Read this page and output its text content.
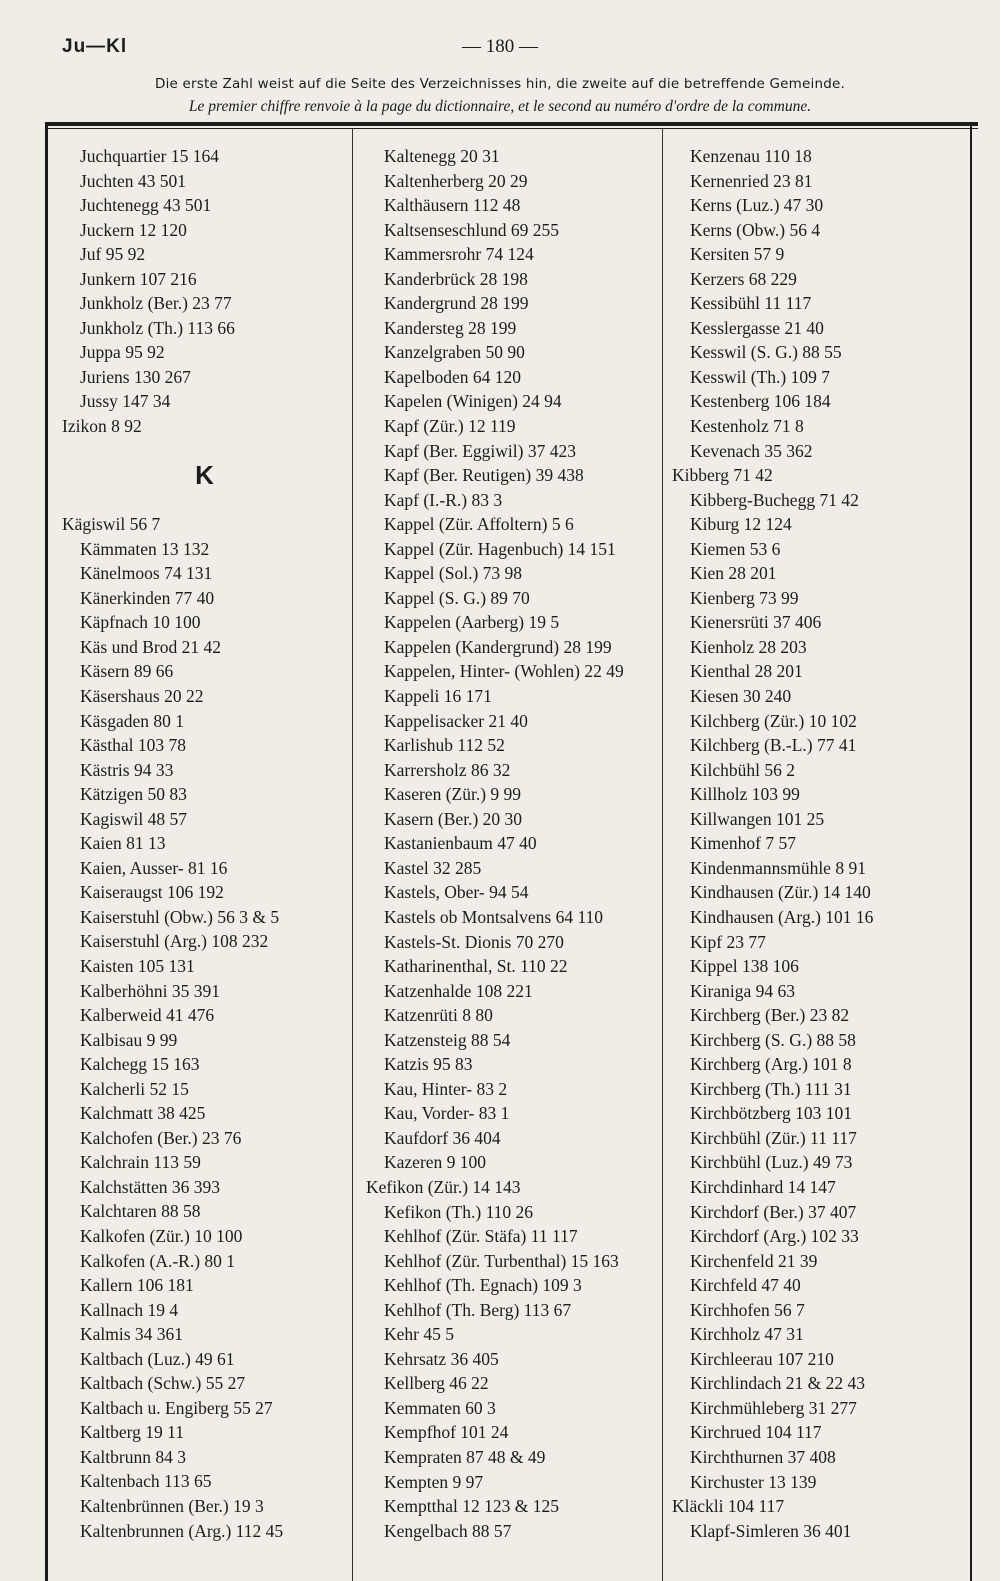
Ju—Kl	— 180 —
Die erste Zahl weist auf die Seite des Verzeichnisses hin, die zweite auf die betreffende Gemeinde.
Le premier chiffre renvoie à la page du dictionnaire, et le second au numéro d'ordre de la commune.
Juchquartier 15 164
Juchten 43 501
Juchtenegg 43 501
Juckern 12 120
Juf 95 92
Junkern 107 216
Junkholz (Ber.) 23 77
Junkholz (Th.) 113 66
Juppa 95 92
Juriens 130 267
Jussy 147 34
Izikon 8 92
K
Kägiswil 56 7
Kämmaten 13 132
Känelmoos 74 131
Känerkinden 77 40
Käpfnach 10 100
Käs und Brod 21 42
Käsern 89 66
Käsershaus 20 22
Käsgaden 80 1
Kästhal 103 78
Kästris 94 33
Kätzigen 50 83
Kagiswil 48 57
Kaien 81 13
Kaien, Ausser- 81 16
Kaiseraugst 106 192
Kaiserstuhl (Obw.) 56 3 & 5
Kaiserstuhl (Arg.) 108 232
Kaisten 105 131
Kalberhöhni 35 391
Kalberweid 41 476
Kalbisau 9 99
Kalchegg 15 163
Kalcherli 52 15
Kalchmatt 38 425
Kalchofen (Ber.) 23 76
Kalchrain 113 59
Kalchstätten 36 393
Kalchtaren 88 58
Kalkofen (Zür.) 10 100
Kalkofen (A.-R.) 80 1
Kallern 106 181
Kallnach 19 4
Kalmis 34 361
Kaltbach (Luz.) 49 61
Kaltbach (Schw.) 55 27
Kaltbach u. Engiberg 55 27
Kaltberg 19 11
Kaltbrunn 84 3
Kaltenbach 113 65
Kaltenbrünnen (Ber.) 19 3
Kaltenbrunnen (Arg.) 112 45
Kaltenegg 20 31
Kaltenherberg 20 29
Kalthäusern 112 48
Kaltsenseschlund 69 255
Kammersrohr 74 124
Kanderbrück 28 198
Kandergrund 28 199
Kandersteg 28 199
Kanzelgraben 50 90
Kapelboden 64 120
Kapelen (Winigen) 24 94
Kapf (Zür.) 12 119
Kapf (Ber. Eggiwil) 37 423
Kapf (Ber. Reutigen) 39 438
Kapf (I.-R.) 83 3
Kappel (Zür. Affoltern) 5 6
Kappel (Zür. Hagenbuch) 14 151
Kappel (Sol.) 73 98
Kappel (S. G.) 89 70
Kappelen (Aarberg) 19 5
Kappelen (Kandergrund) 28 199
Kappelen, Hinter- (Wohlen) 22 49
Kappeli 16 171
Kappelisacker 21 40
Karlishub 112 52
Karrersholz 86 32
Kaseren (Zür.) 9 99
Kasern (Ber.) 20 30
Kastanienbaum 47 40
Kastel 32 285
Kastels, Ober- 94 54
Kastels ob Montsalvens 64 110
Kastels-St. Dionis 70 270
Katharinenthal, St. 110 22
Katzenhalde 108 221
Katzenrüti 8 80
Katzensteig 88 54
Katzis 95 83
Kau, Hinter- 83 2
Kau, Vorder- 83 1
Kaufdorf 36 404
Kazeren 9 100
Kefikon (Zür.) 14 143
Kefikon (Th.) 110 26
Kehlhof (Zür. Stäfa) 11 117
Kehlhof (Zür. Turbenthal) 15 163
Kehlhof (Th. Egnach) 109 3
Kehlhof (Th. Berg) 113 67
Kehr 45 5
Kehrsatz 36 405
Kellberg 46 22
Kemmaten 60 3
Kempfhof 101 24
Kempraten 87 48 & 49
Kempten 9 97
Kemptthal 12 123 & 125
Kengelbach 88 57
Kenzenau 110 18
Kernenried 23 81
Kerns (Luz.) 47 30
Kerns (Obw.) 56 4
Kersiten 57 9
Kerzers 68 229
Kessibühl 11 117
Kesslergasse 21 40
Kesswil (S. G.) 88 55
Kesswil (Th.) 109 7
Kestenberg 106 184
Kestenholz 71 8
Kevenach 35 362
Kibberg 71 42
Kibberg-Buchegg 71 42
Kiburg 12 124
Kiemen 53 6
Kien 28 201
Kienberg 73 99
Kienersrüti 37 406
Kienholz 28 203
Kienthal 28 201
Kiesen 30 240
Kilchberg (Zür.) 10 102
Kilchberg (B.-L.) 77 41
Kilchbühl 56 2
Killholz 103 99
Killwangen 101 25
Kimenhof 7 57
Kindenmannsmühle 8 91
Kindhausen (Zür.) 14 140
Kindhausen (Arg.) 101 16
Kipf 23 77
Kippel 138 106
Kiraniga 94 63
Kirchberg (Ber.) 23 82
Kirchberg (S. G.) 88 58
Kirchberg (Arg.) 101 8
Kirchberg (Th.) 111 31
Kirchbötzberg 103 101
Kirchbühl (Zür.) 11 117
Kirchbühl (Luz.) 49 73
Kirchdinhard 14 147
Kirchdorf (Ber.) 37 407
Kirchdorf (Arg.) 102 33
Kirchenfeld 21 39
Kirchfeld 47 40
Kirchhofen 56 7
Kirchholz 47 31
Kirchleerau 107 210
Kirchlindach 21 & 22 43
Kirchmühleberg 31 277
Kirchrued 104 117
Kirchthurnen 37 408
Kirchuster 13 139
Kläckli 104 117
Klapf-Simleren 36 401
